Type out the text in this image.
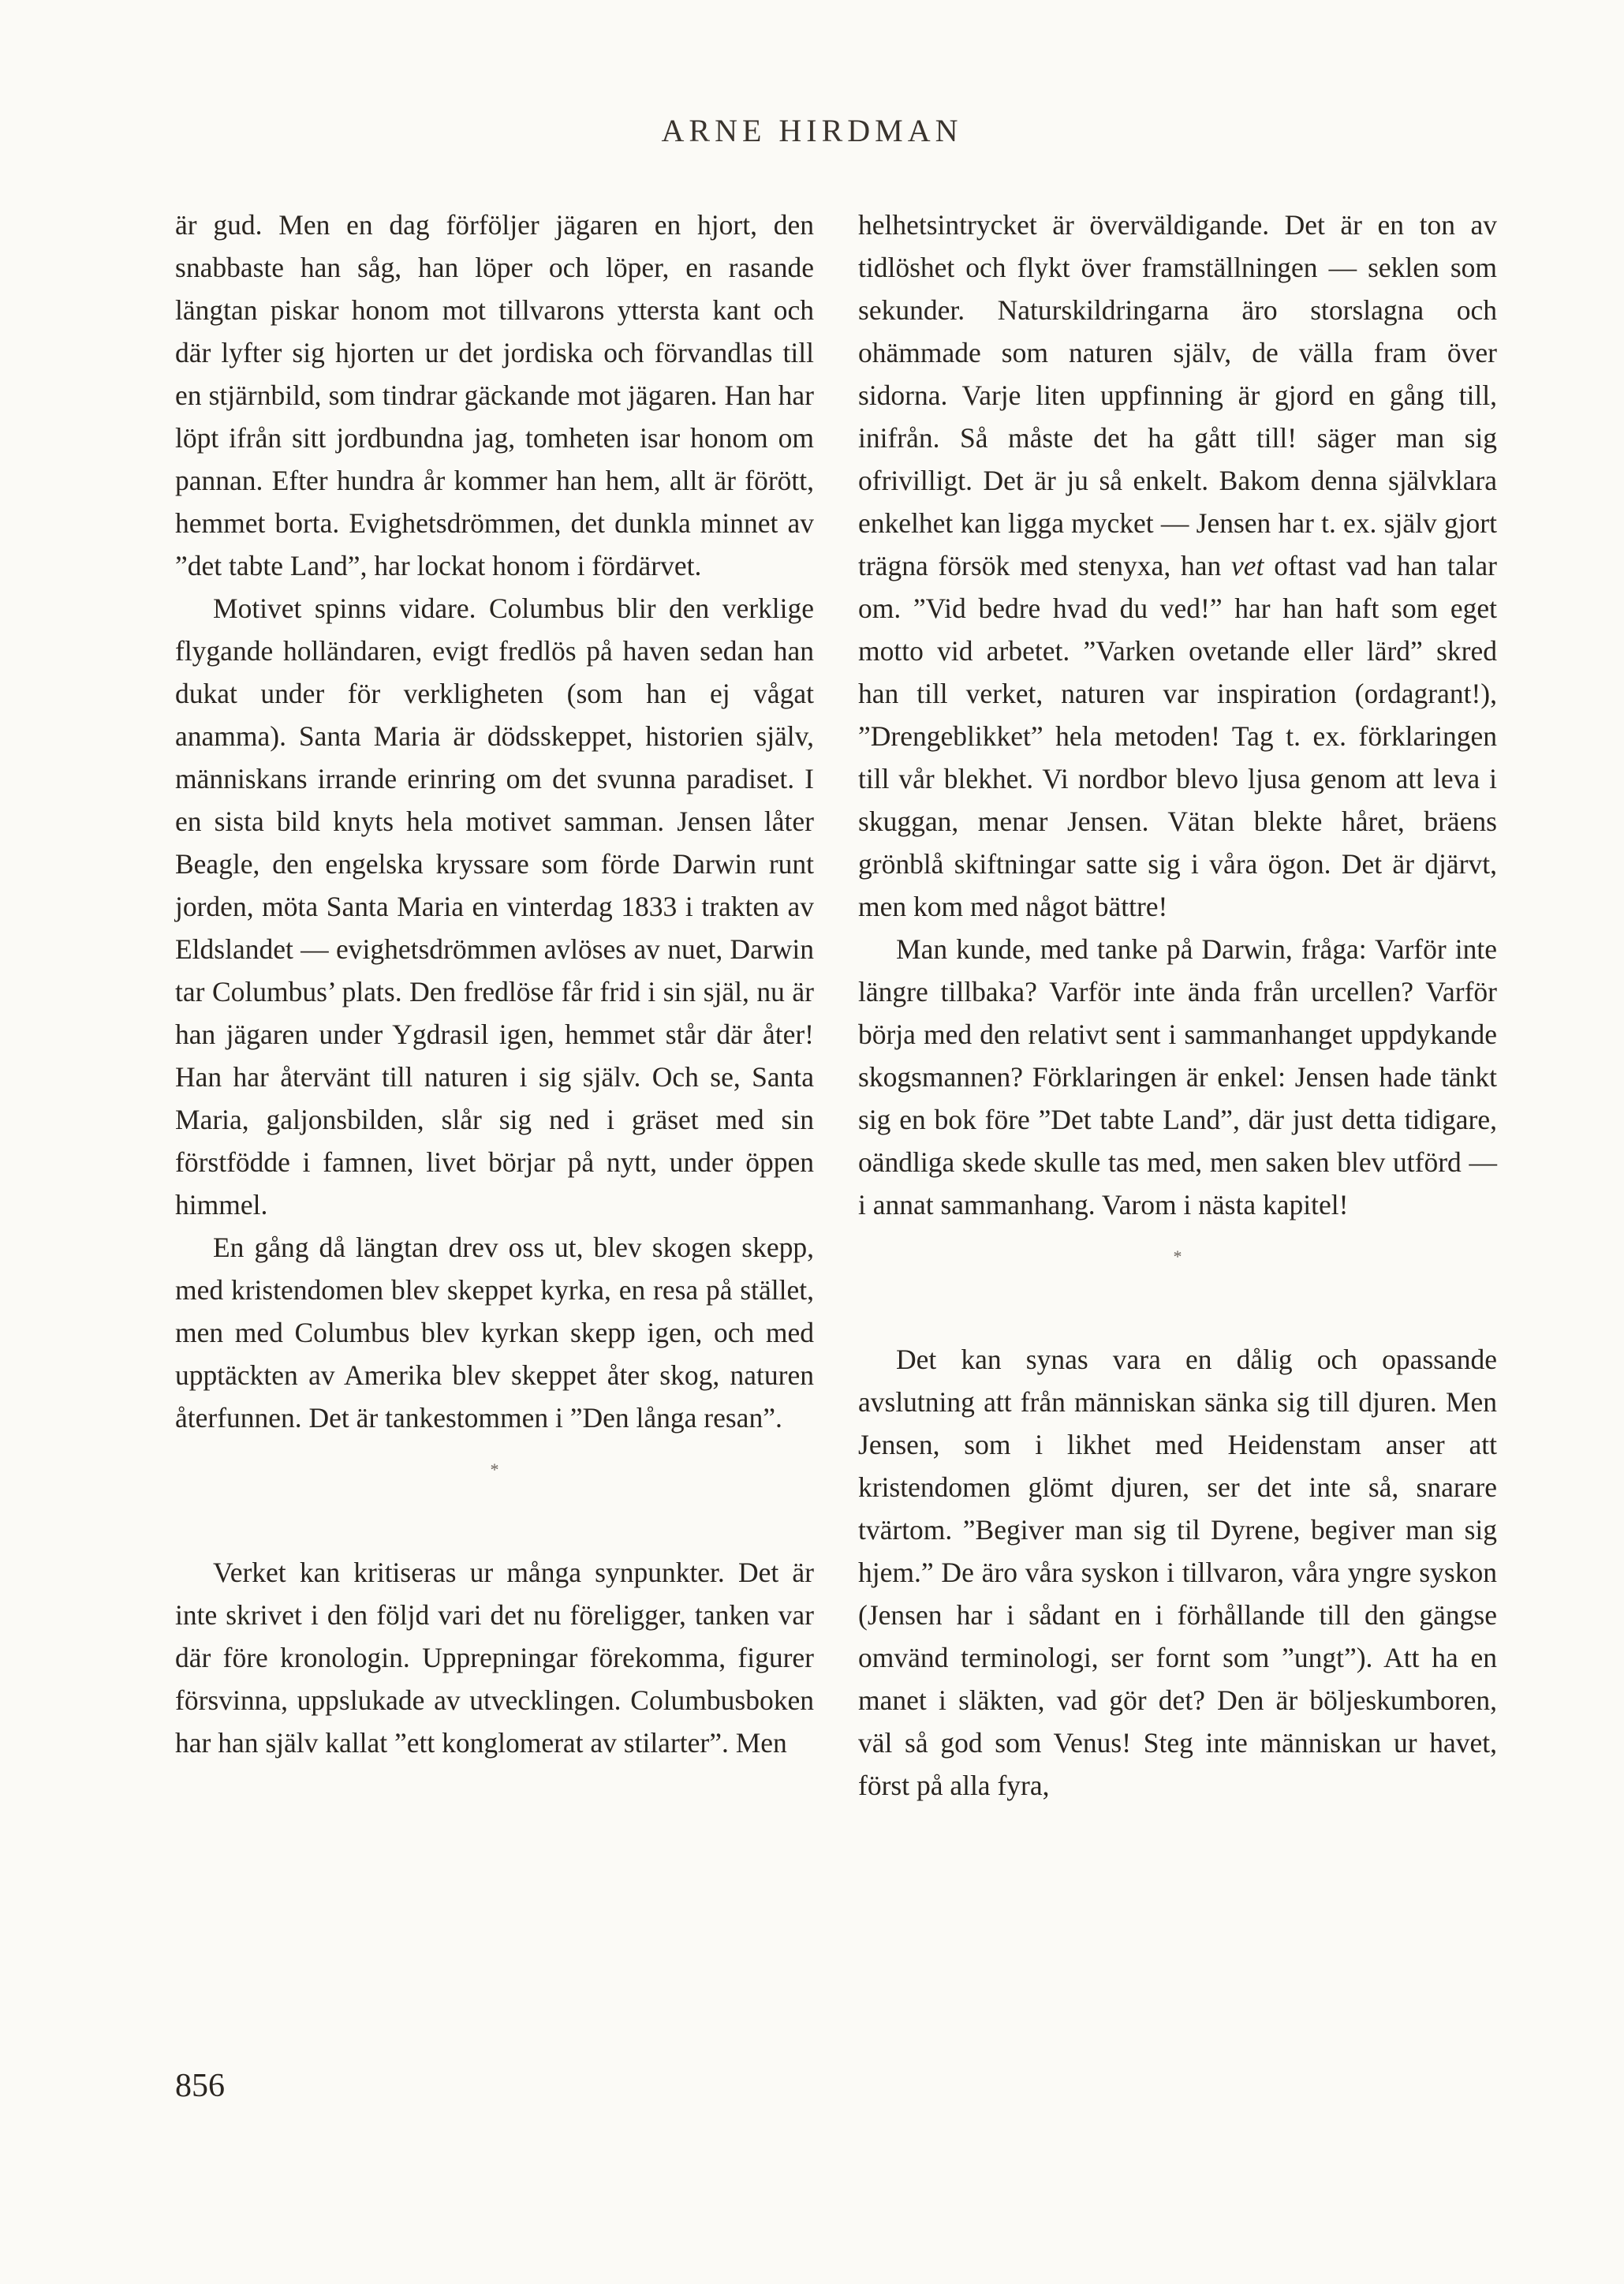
ARNE HIRDMAN

är gud. Men en dag förföljer jägaren en hjort, den snabbaste han såg, han löper och löper, en rasande längtan piskar honom mot tillvarons yttersta kant och där lyfter sig hjorten ur det jordiska och förvandlas till en stjärnbild, som tindrar gäckande mot jägaren. Han har löpt ifrån sitt jordbundna jag, tomheten isar honom om pannan. Efter hundra år kommer han hem, allt är förött, hemmet borta. Evighetsdrömmen, det dunkla minnet av ”det tabte Land”, har lockat honom i fördärvet.

Motivet spinns vidare. Columbus blir den verklige flygande holländaren, evigt fredlös på haven sedan han dukat under för verkligheten (som han ej vågat anamma). Santa Maria är dödsskeppet, historien själv, människans irrande erinring om det svunna paradiset. I en sista bild knyts hela motivet samman. Jensen låter Beagle, den engelska kryssare som förde Darwin runt jorden, möta Santa Maria en vinterdag 1833 i trakten av Eldslandet — evighetsdrömmen avlöses av nuet, Darwin tar Columbus’ plats. Den fredlöse får frid i sin själ, nu är han jägaren under Ygdrasil igen, hemmet står där åter! Han har återvänt till naturen i sig själv. Och se, Santa Maria, galjonsbilden, slår sig ned i gräset med sin förstfödde i famnen, livet börjar på nytt, under öppen himmel.

En gång då längtan drev oss ut, blev skogen skepp, med kristendomen blev skeppet kyrka, en resa på stället, men med Columbus blev kyrkan skepp igen, och med upptäckten av Amerika blev skeppet åter skog, naturen återfunnen. Det är tankestommen i ”Den långa resan”.

*

Verket kan kritiseras ur många synpunkter. Det är inte skrivet i den följd vari det nu föreligger, tanken var där före kronologin. Upprepningar förekomma, figurer försvinna, uppslukade av utvecklingen. Columbusboken har han själv kallat ”ett konglomerat av stilarter”. Men

helhetsintrycket är överväldigande. Det är en ton av tidlöshet och flykt över framställningen — seklen som sekunder. Naturskildringarna äro storslagna och ohämmade som naturen själv, de välla fram över sidorna. Varje liten uppfinning är gjord en gång till, inifrån. Så måste det ha gått till! säger man sig ofrivilligt. Det är ju så enkelt. Bakom denna självklara enkelhet kan ligga mycket — Jensen har t. ex. själv gjort trägna försök med stenyxa, han vet oftast vad han talar om. ”Vid bedre hvad du ved!” har han haft som eget motto vid arbetet. ”Varken ovetande eller lärd” skred han till verket, naturen var inspiration (ordagrant!), ”Drengeblikket” hela metoden! Tag t. ex. förklaringen till vår blekhet. Vi nordbor blevo ljusa genom att leva i skuggan, menar Jensen. Vätan blekte håret, bräens grönblå skiftningar satte sig i våra ögon. Det är djärvt, men kom med något bättre!

Man kunde, med tanke på Darwin, fråga: Varför inte längre tillbaka? Varför inte ända från urcellen? Varför börja med den relativt sent i sammanhanget uppdykande skogsmannen? Förklaringen är enkel: Jensen hade tänkt sig en bok före ”Det tabte Land”, där just detta tidigare, oändliga skede skulle tas med, men saken blev utförd — i annat sammanhang. Varom i nästa kapitel!

*

Det kan synas vara en dålig och opassande avslutning att från människan sänka sig till djuren. Men Jensen, som i likhet med Heidenstam anser att kristendomen glömt djuren, ser det inte så, snarare tvärtom. ”Begiver man sig til Dyrene, begiver man sig hjem.” De äro våra syskon i tillvaron, våra yngre syskon (Jensen har i sådant en i förhållande till den gängse omvänd terminologi, ser fornt som ”ungt”). Att ha en manet i släkten, vad gör det? Den är böljeskumboren, väl så god som Venus! Steg inte människan ur havet, först på alla fyra,

856
